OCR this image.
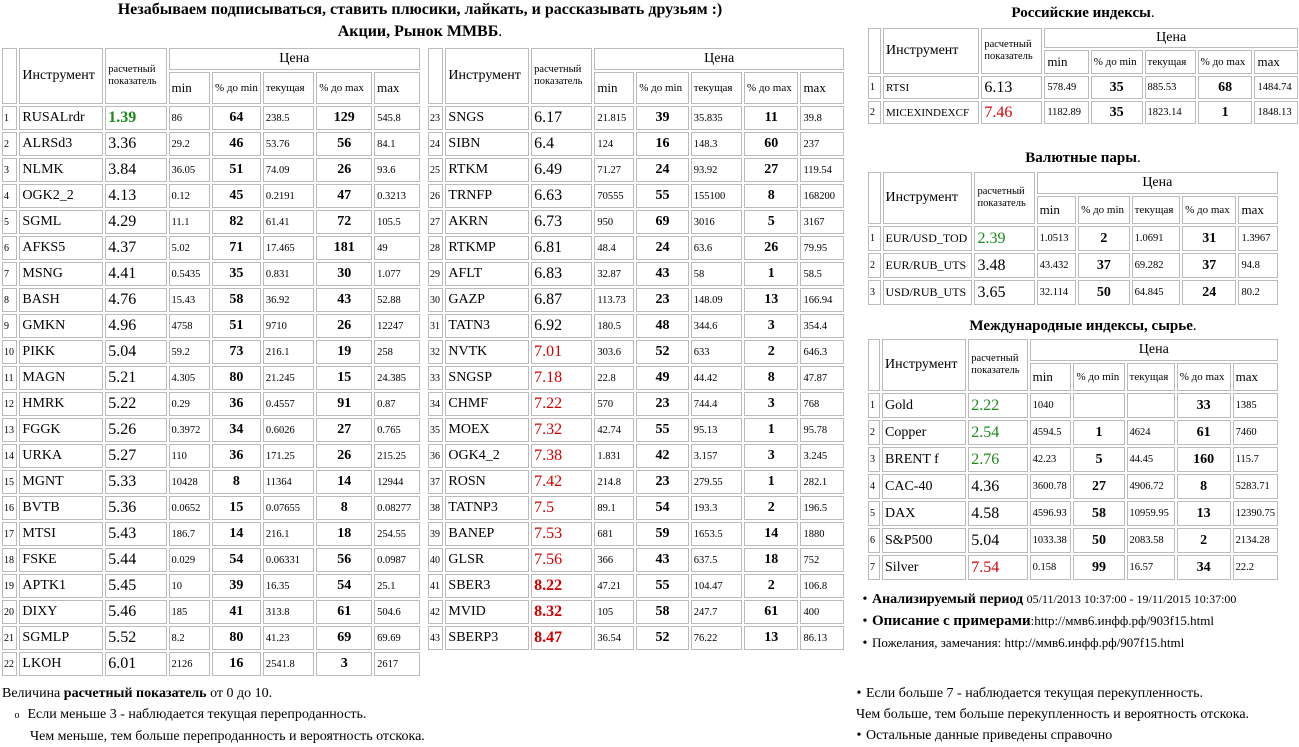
Незабываем подписываться, ставить плюсики, лайкать, и рассказывать друзьям :)
Акции, Рынок ММВБ.
	Инструмент	расчетный показатель	Цена				
			min	% до min	текущая	% до max	max
1	RUSALrdr	1.39	86	64	238.5	129	545.8
2	ALRSd3	3.36	29.2	46	53.76	56	84.1
3	NLMK	3.84	36.05	51	74.09	26	93.6
4	OGK2_2	4.13	0.12	45	0.2191	47	0.3213
5	SGML	4.29	11.1	82	61.41	72	105.5
6	AFKS5	4.37	5.02	71	17.465	181	49
7	MSNG	4.41	0.5435	35	0.831	30	1.077
8	BASH	4.76	15.43	58	36.92	43	52.88
9	GMKN	4.96	4758	51	9710	26	12247
10	PIKK	5.04	59.2	73	216.1	19	258
11	MAGN	5.21	4.305	80	21.245	15	24.385
12	HMRK	5.22	0.29	36	0.4557	91	0.87
13	FGGK	5.26	0.3972	34	0.6026	27	0.765
14	URKA	5.27	110	36	171.25	26	215.25
15	MGNT	5.33	10428	8	11364	14	12944
16	BVTB	5.36	0.0652	15	0.07655	8	0.08277
17	MTSI	5.43	186.7	14	216.1	18	254.55
18	FSKE	5.44	0.029	54	0.06331	56	0.0987
19	APTK1	5.45	10	39	16.35	54	25.1
20	DIXY	5.46	185	41	313.8	61	504.6
21	SGMLP	5.52	8.2	80	41.23	69	69.69
22	LKOH	6.01	2126	16	2541.8	3	2617
	Инструмент	расчетный показатель	Цена				
			min	% до min	текущая	% до max	max
23	SNGS	6.17	21.815	39	35.835	11	39.8
24	SIBN	6.4	124	16	148.3	60	237
25	RTKM	6.49	71.27	24	93.92	27	119.54
26	TRNFP	6.63	70555	55	155100	8	168200
27	AKRN	6.73	950	69	3016	5	3167
28	RTKMP	6.81	48.4	24	63.6	26	79.95
29	AFLT	6.83	32.87	43	58	1	58.5
30	GAZP	6.87	113.73	23	148.09	13	166.94
31	TATN3	6.92	180.5	48	344.6	3	354.4
32	NVTK	7.01	303.6	52	633	2	646.3
33	SNGSP	7.18	22.8	49	44.42	8	47.87
34	CHMF	7.22	570	23	744.4	3	768
35	MOEX	7.32	42.74	55	95.13	1	95.78
36	OGK4_2	7.38	1.831	42	3.157	3	3.245
37	ROSN	7.42	214.8	23	279.55	1	282.1
38	TATNP3	7.5	89.1	54	193.3	2	196.5
39	BANEP	7.53	681	59	1653.5	14	1880
40	GLSR	7.56	366	43	637.5	18	752
41	SBER3	8.22	47.21	55	104.47	2	106.8
42	MVID	8.32	105	58	247.7	61	400
43	SBERP3	8.47	36.54	52	76.22	13	86.13
Российские индексы.
	Инструмент	расчетный показатель	Цена				
			min	% до min	текущая	% до max	max
1	RTSI	6.13	578.49	35	885.53	68	1484.74
2	MICEXINDEXCF	7.46	1182.89	35	1823.14	1	1848.13
Валютные пары.
	Инструмент	расчетный показатель	Цена				
			min	% до min	текущая	% до max	max
1	EUR/USD_TOD	2.39	1.0513	2	1.0691	31	1.3967
2	EUR/RUB_UTS	3.48	43.432	37	69.282	37	94.8
3	USD/RUB_UTS	3.65	32.114	50	64.845	24	80.2
Международные индексы, сырье.
	Инструмент	расчетный показатель	Цена				
			min	% до min	текущая	% до max	max
1	Gold	2.22	1040			33	1385
2	Copper	2.54	4594.5	1	4624	61	7460
3	BRENT f	2.76	42.23	5	44.45	160	115.7
4	CAC-40	4.36	3600.78	27	4906.72	8	5283.71
5	DAX	4.58	4596.93	58	10959.95	13	12390.75
6	S&P500	5.04	1033.38	50	2083.58	2	2134.28
7	Silver	7.54	0.158	99	16.57	34	22.2
• Анализируемый период 05/11/2013 10:37:00 - 19/11/2015 10:37:00
• Описание с примерами:http://ммв6.инфф.рф/903f15.html
• Пожелания, замечания: http://ммв6.инфф.рф/907f15.html
Величина расчетный показатель от 0 до 10.
o Если меньше 3 - наблюдается текущая перепроданность.
Чем меньше, тем больше перепроданность и вероятность отскока.
• Если больше 7 - наблюдается текущая перекупленность.
Чем больше, тем больше перекупленность и вероятность отскока.
• Остальные данные приведены справочно
